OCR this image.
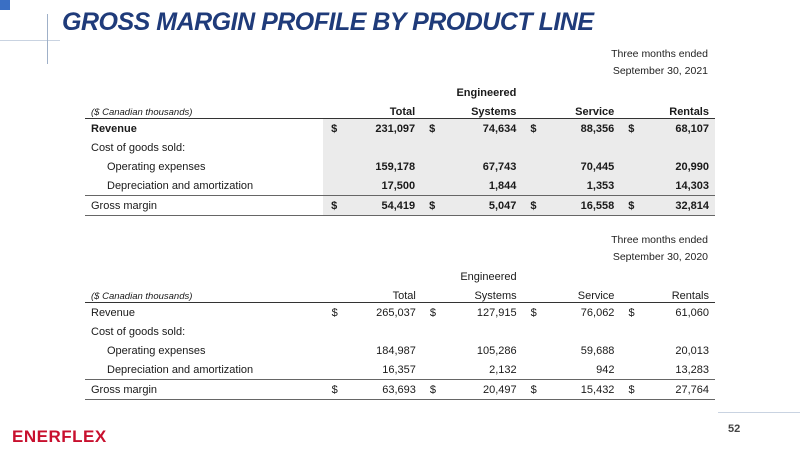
GROSS MARGIN PROFILE BY PRODUCT LINE
Three months ended
September 30, 2021
				Engineered				
($ Canadian thousands)		Total		Systems		Service		Rentals
Revenue	$	231,097	$	74,634	$	88,356	$	68,107
Cost of goods sold:								
Operating expenses		159,178		67,743		70,445		20,990
Depreciation and amortization		17,500		1,844		1,353		14,303
Gross margin	$	54,419	$	5,047	$	16,558	$	32,814
Three months ended
September 30, 2020
				Engineered				
($ Canadian thousands)		Total		Systems		Service		Rentals
Revenue	$	265,037	$	127,915	$	76,062	$	61,060
Cost of goods sold:								
Operating expenses		184,987		105,286		59,688		20,013
Depreciation and amortization		16,357		2,132		942		13,283
Gross margin	$	63,693	$	20,497	$	15,432	$	27,764
ENERFLEX	52
